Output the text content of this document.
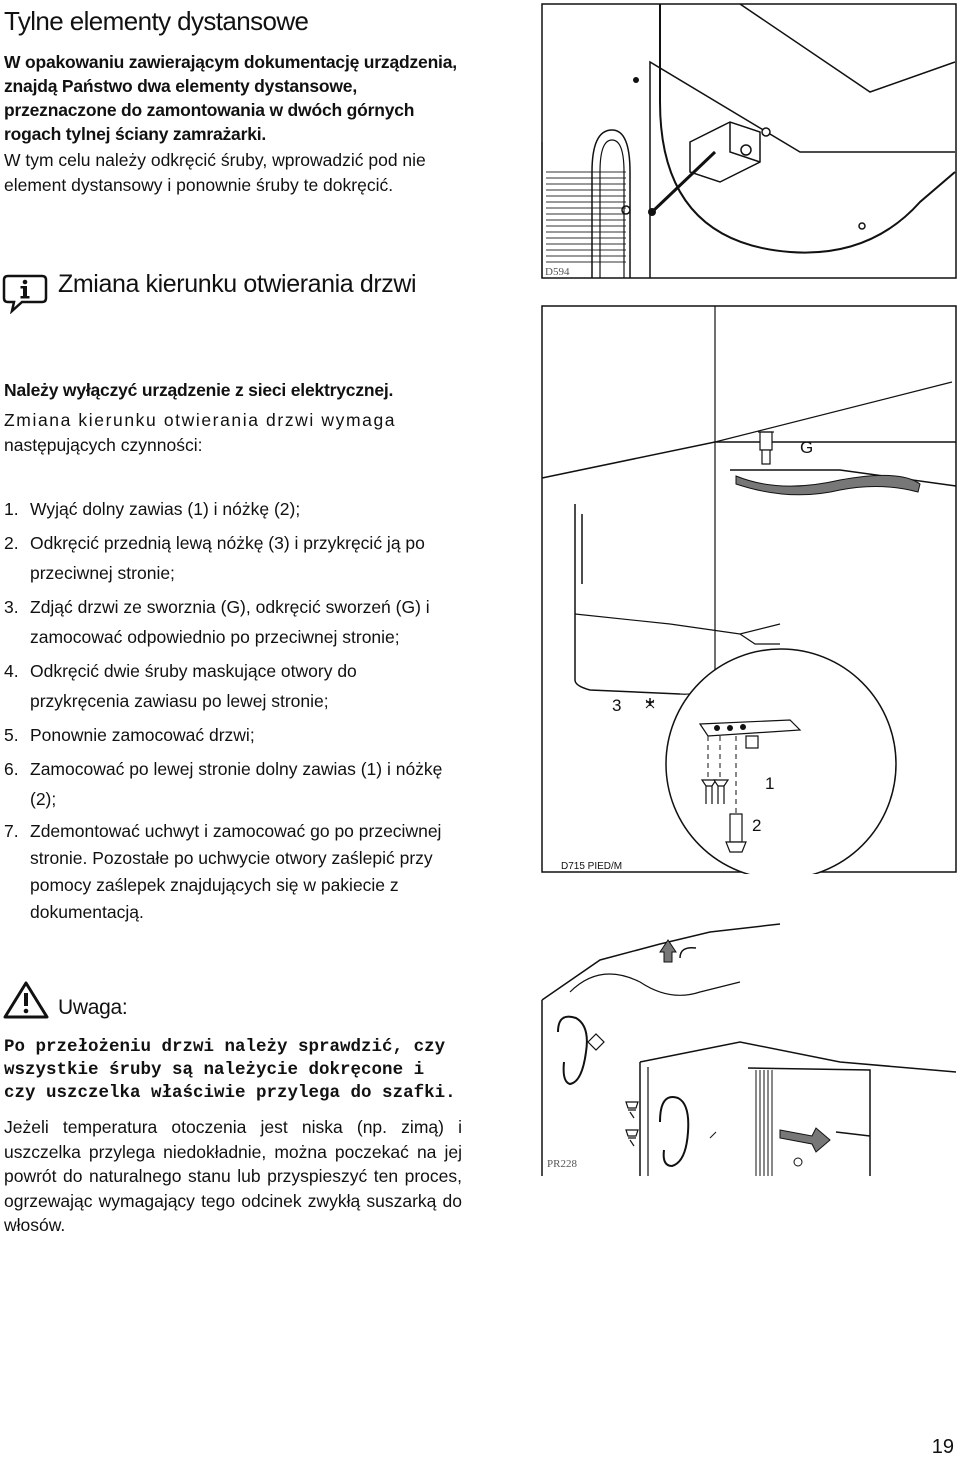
Tylne elementy dystansowe

W opakowaniu zawierającym dokumentację urządzenia, znajdą Państwo dwa elementy dystansowe, przeznaczone do zamontowania w dwóch górnych rogach tylnej ściany zamrażarki.

W tym celu należy odkręcić śruby, wprowadzić pod nie element dystansowy i ponownie śruby te dokręcić.

Zmiana kierunku otwierania drzwi

Należy wyłączyć urządzenie z sieci elektrycznej.

Zmiana kierunku otwierania drzwi wymaga

następujących czynności:

1. Wyjąć dolny zawias (1) i nóżkę (2);
2. Odkręcić przednią lewą nóżkę (3) i przykręcić ją po przeciwnej stronie;
3. Zdjąć drzwi ze sworznia (G), odkręcić sworzeń (G) i zamocować odpowiednio po przeciwnej stronie;
4. Odkręcić dwie śruby maskujące otwory do przykręcenia zawiasu po lewej stronie;
5. Ponownie zamocować drzwi;
6. Zamocować po lewej stronie dolny zawias (1) i nóżkę (2);
7. Zdemontować uchwyt i zamocować go po przeciwnej stronie. Pozostałe po uchwycie otwory zaślepić przy pomocy zaślepek znajdujących się w pakiecie z dokumentacją.
Uwaga:

Po przełożeniu drzwi należy sprawdzić, czy wszystkie śruby są należycie dokręcone i czy uszczelka właściwie przylega do szafki.

Jeżeli temperatura otoczenia jest niska (np. zimą) i uszczelka przylega niedokładnie, można poczekać na jej powrót do naturalnego stanu lub przyspieszyć ten proces, ogrzewając wymagający tego odcinek zwykłą suszarką do włosów.

D594
G
3
1
2
D715 PIED/M
PR228
19
